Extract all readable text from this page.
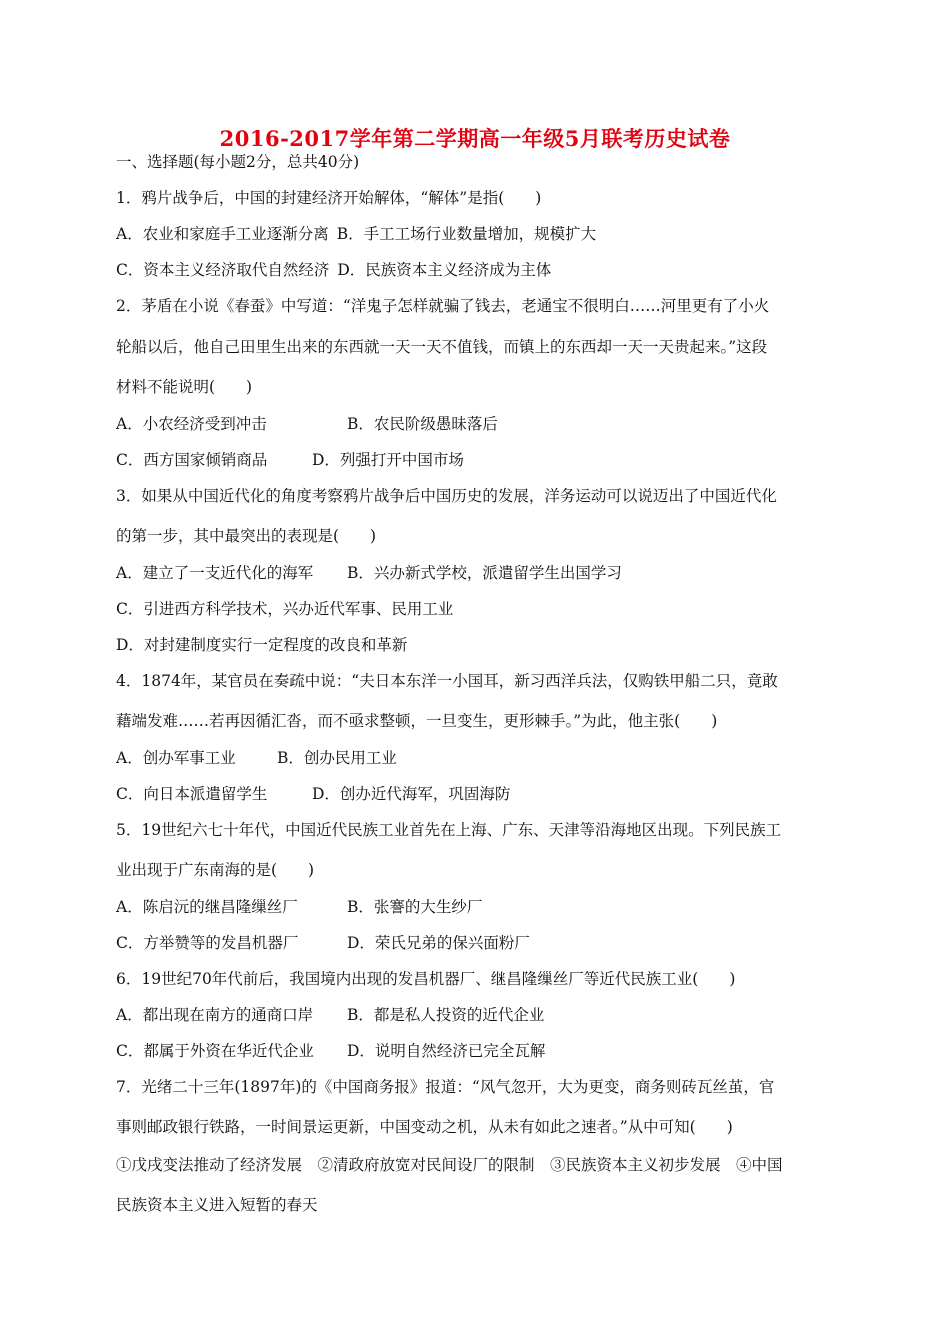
2016-2017学年第二学期高一年级5月联考历史试卷
一、选择题(每小题2分，总共40分)
1．鸦片战争后，中国的封建经济开始解体，“解体”是指(　　)
A．农业和家庭手工业逐渐分离 B．手工工场行业数量增加，规模扩大
C．资本主义经济取代自然经济 D．民族资本主义经济成为主体
2．茅盾在小说《春蚕》中写道：“洋鬼子怎样就骗了钱去，老通宝不很明白……河里更有了小火
轮船以后，他自己田里生出来的东西就一天一天不值钱，而镇上的东西却一天一天贵起来。”这段
材料不能说明(　　)
A．小农经济受到冲击	B．农民阶级愚昧落后
C．西方国家倾销商品	D．列强打开中国市场
3．如果从中国近代化的角度考察鸦片战争后中国历史的发展，洋务运动可以说迈出了中国近代化
的第一步，其中最突出的表现是(　　)
A．建立了一支近代化的海军 B．兴办新式学校，派遣留学生出国学习
C．引进西方科学技术，兴办近代军事、民用工业
D．对封建制度实行一定程度的改良和革新
4．1874年，某官员在奏疏中说：“夫日本东洋一小国耳，新习西洋兵法，仅购铁甲船二只，竟敢
藉端发难……若再因循汇沓，而不亟求整顿，一旦变生，更形棘手。”为此，他主张(　　)
A．创办军事工业	B．创办民用工业
C．向日本派遣留学生	D．创办近代海军，巩固海防
5．19世纪六七十年代，中国近代民族工业首先在上海、广东、天津等沿海地区出现。下列民族工
业出现于广东南海的是(　　)
A．陈启沅的继昌隆缫丝厂	B．张謇的大生纱厂
C．方举赞等的发昌机器厂	D．荣氏兄弟的保兴面粉厂
6．19世纪70年代前后，我国境内出现的发昌机器厂、继昌隆缫丝厂等近代民族工业(　　)
A．都出现在南方的通商口岸 B．都是私人投资的近代企业
C．都属于外资在华近代企业 D．说明自然经济已完全瓦解
7．光绪二十三年(1897年)的《中国商务报》报道：“风气忽开，大为更变，商务则砖瓦丝茧，官
事则邮政银行铁路，一时间景运更新，中国变动之机，从未有如此之速者。”从中可知(　　)
①戊戌变法推动了经济发展　②清政府放宽对民间设厂的限制　③民族资本主义初步发展　④中国
民族资本主义进入短暂的春天
